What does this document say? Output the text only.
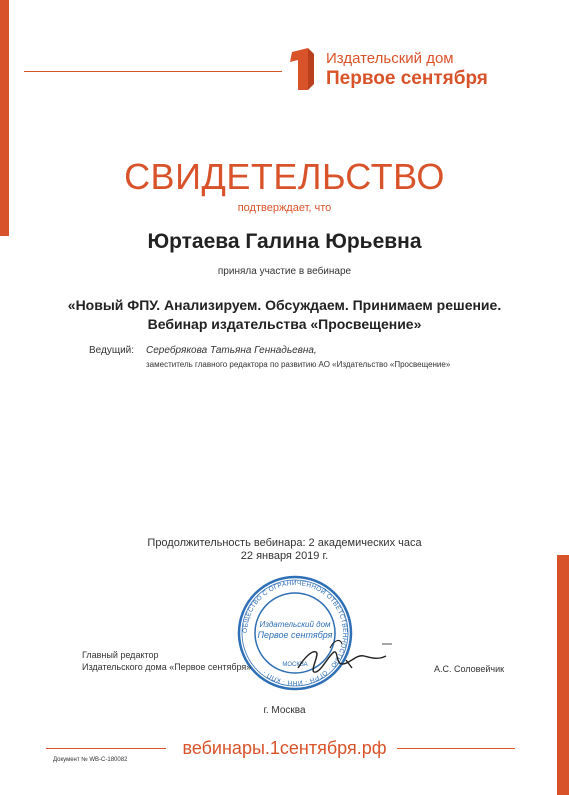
Издательский дом
Первое сентября
СВИДЕТЕЛЬСТВО
подтверждает, что
Юртаева Галина Юрьевна
приняла участие в вебинаре
«Новый ФПУ. Анализируем. Обсуждаем. Принимаем решение.
Вебинар издательства «Просвещение»
Ведущий: Серебрякова Татьяна Геннадьевна,
заместитель главного редактора по развитию АО «Издательство «Просвещение»
Продолжительность вебинара: 2 академических часа
22 января 2019 г.
ОБЩЕСТВО С ОГРАНИЧЕННОЙ ОТВЕТСТВЕННОСТЬЮ · ОГРН · ИНН · КПП ·
Издательский дом
Первое сентября
МОСКВА
Главный редактор
Издательского дома «Первое сентября»	А.С. Соловейчик
г. Москва
вебинары.1сентября.рф
Документ № WB-C-180082
